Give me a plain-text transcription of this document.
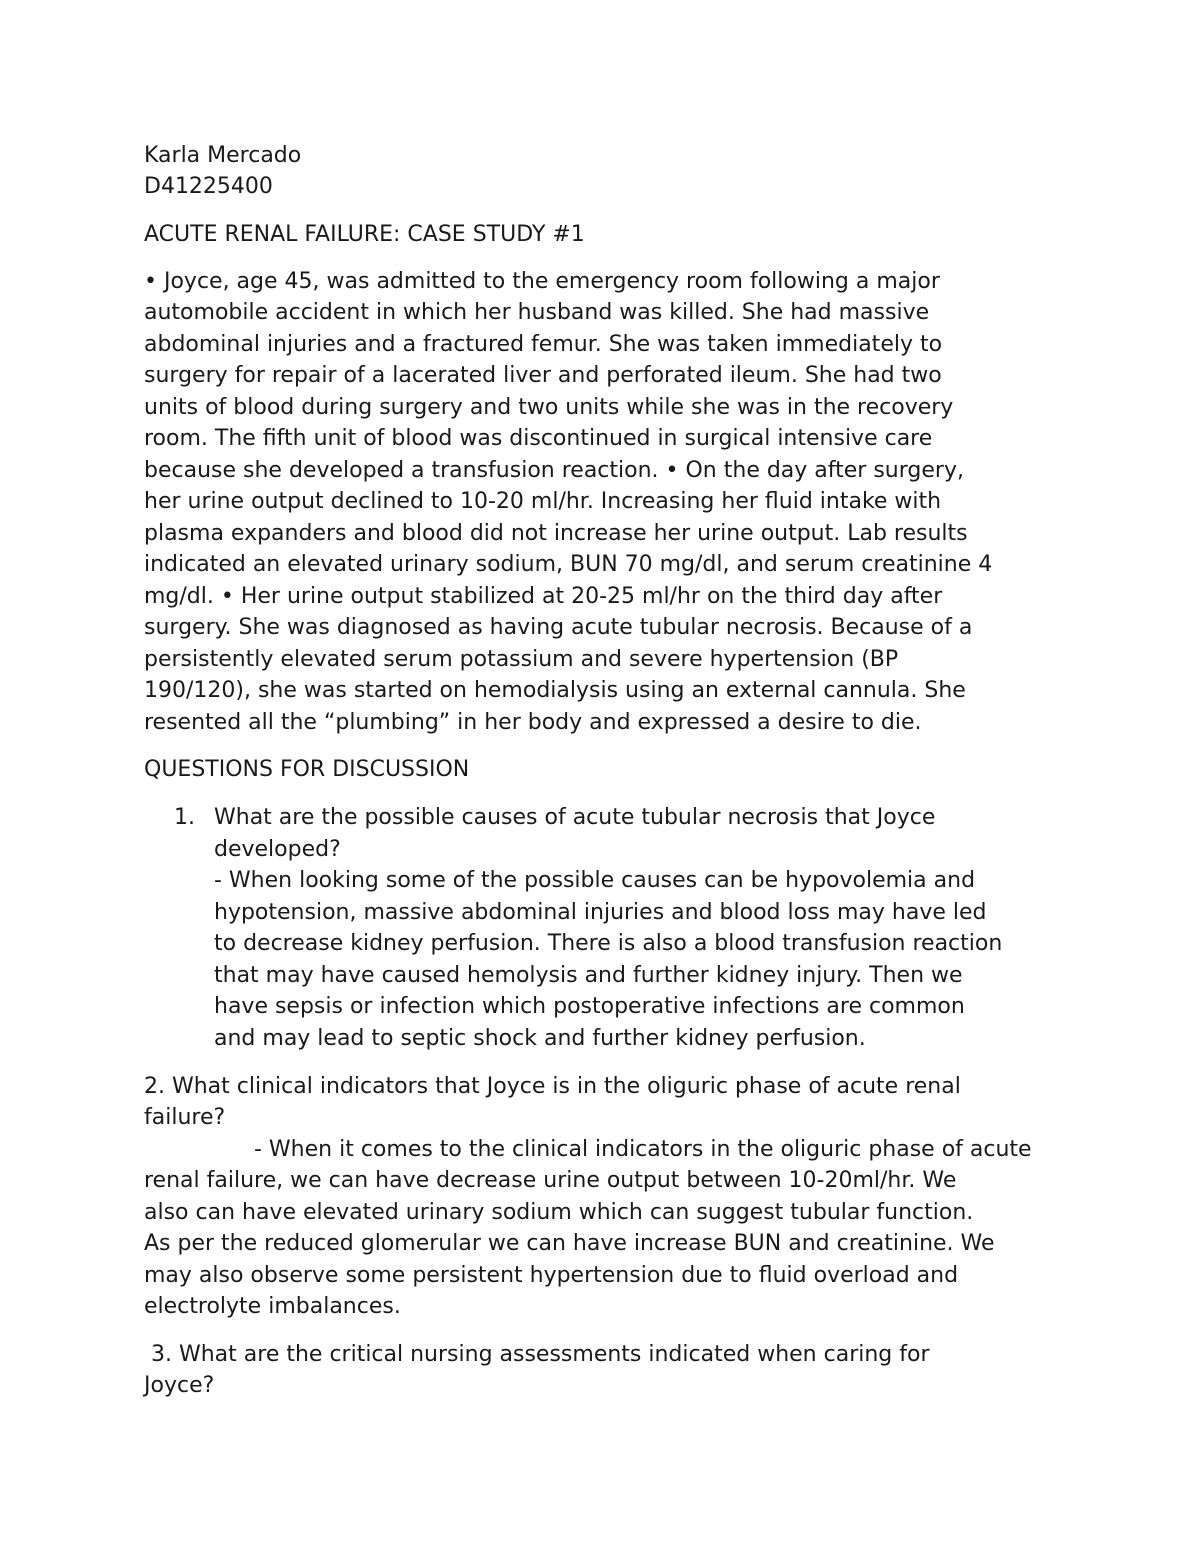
Karla Mercado
D41225400
ACUTE RENAL FAILURE: CASE STUDY #1
• Joyce, age 45, was admitted to the emergency room following a major
automobile accident in which her husband was killed. She had massive
abdominal injuries and a fractured femur. She was taken immediately to
surgery for repair of a lacerated liver and perforated ileum. She had two
units of blood during surgery and two units while she was in the recovery
room. The fifth unit of blood was discontinued in surgical intensive care
because she developed a transfusion reaction. • On the day after surgery,
her urine output declined to 10-20 ml/hr. Increasing her fluid intake with
plasma expanders and blood did not increase her urine output. Lab results
indicated an elevated urinary sodium, BUN 70 mg/dl, and serum creatinine 4
mg/dl. • Her urine output stabilized at 20-25 ml/hr on the third day after
surgery. She was diagnosed as having acute tubular necrosis. Because of a
persistently elevated serum potassium and severe hypertension (BP
190/120), she was started on hemodialysis using an external cannula. She
resented all the “plumbing” in her body and expressed a desire to die.
QUESTIONS FOR DISCUSSION
1. What are the possible causes of acute tubular necrosis that Joyce
developed?
- When looking some of the possible causes can be hypovolemia and
hypotension, massive abdominal injuries and blood loss may have led
to decrease kidney perfusion. There is also a blood transfusion reaction
that may have caused hemolysis and further kidney injury. Then we
have sepsis or infection which postoperative infections are common
and may lead to septic shock and further kidney perfusion.
2. What clinical indicators that Joyce is in the oliguric phase of acute renal
failure?
- When it comes to the clinical indicators in the oliguric phase of acute
renal failure, we can have decrease urine output between 10-20ml/hr. We
also can have elevated urinary sodium which can suggest tubular function.
As per the reduced glomerular we can have increase BUN and creatinine. We
may also observe some persistent hypertension due to fluid overload and
electrolyte imbalances.
3. What are the critical nursing assessments indicated when caring for
Joyce?
